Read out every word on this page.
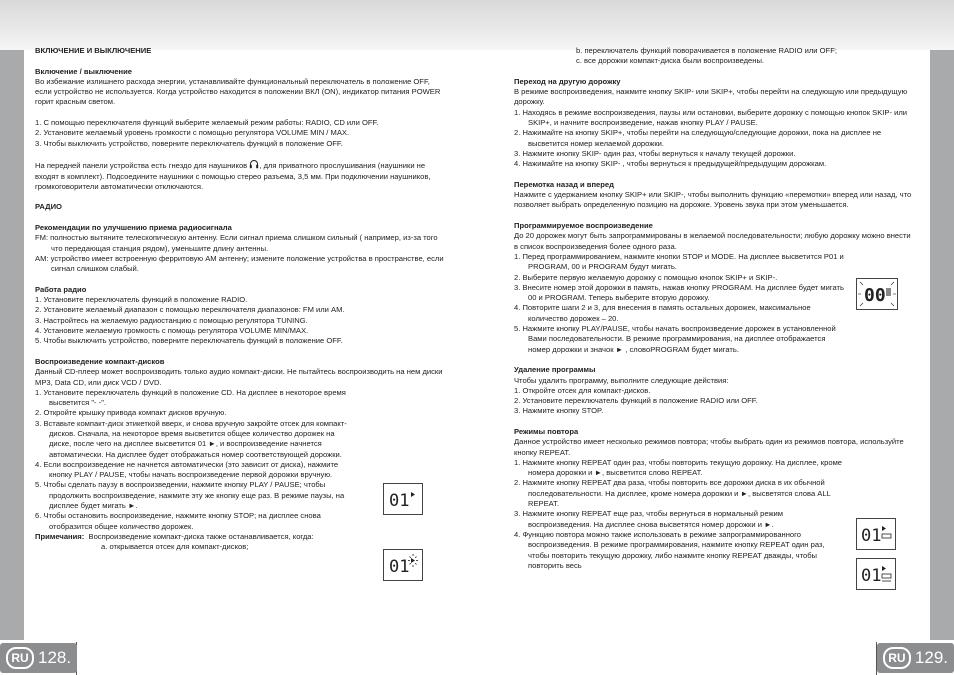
RU 128.	RU 129.

ВКЛЮЧЕНИЕ И ВЫКЛЮЧЕНИЕ

Включение / выключение

Во избежание излишнего расхода энергии, устанавливайте функциональный переключатель в положение OFF, если устройство не используется. Когда устройство находится в положении ВКЛ (ON), индикатор питания POWER горит красным светом.

1. С помощью переключателя функций выберите желаемый режим работы: RADIO, CD или OFF.

2. Установите желаемый уровень громкости с помощью регулятора VOLUME MIN / MAX.

3. Чтобы выключить устройство, поверните переключатель функций в положение OFF.

На передней панели устройства есть гнездо для наушников , для приватного прослушивания (наушники не входят в комплект). Подсоедините наушники с помощью стерео разъема, 3,5 мм. При подключении наушников, громкоговорители автоматически отключаются.

РАДИО

Рекомендации по улучшению приема радиосигнала

FM: полностью вытяните телескопическую антенну. Если сигнал приема слишком сильный ( например, из-за того что передающая станция рядом), уменьшите длину антенны.

AM: устройство имеет встроенную ферритовую AM антенну; измените положение устройства в пространстве, если сигнал слишком слабый.

Работа радио

1. Установите переключатель функций в положение RADIO.

2. Установите желаемый диапазон с помощью переключателя диапазонов: FM или AM.

3. Настройтесь на желаемую радиостанцию с помощью регулятора TUNING.

4. Установите желаемую громкость с помощь регулятора VOLUME MIN/MAX.

5. Чтобы выключить устройство, поверните переключатель функций в положение OFF.

Воспроизведение компакт-дисков

Данный CD-плеер может воспроизводить только аудио компакт-диски. Не пытайтесь воспроизводить на нем диски MP3, Data CD, или диск VCD / DVD.

1. Установите переключатель функций в положение CD. На дисплее в некоторое время высветится "- -".

2. Откройте крышку привода компакт дисков вручную.

3. Вставьте компакт-диск этикеткой вверх, и снова вручную закройте отсек для компакт-дисков. Сначала, на некоторое время высветится общее количество дорожек на диске, после чего на дисплее высветится 01 ►, и воспроизведение начнется автоматически. На дисплее будет отображаться номер соответствующей дорожки.

4. Если воспроизведение не начнется автоматически (это зависит от диска), нажмите кнопку PLAY / PAUSE, чтобы начать воспроизведение первой дорожки вручную.

5. Чтобы сделать паузу в воспроизведении, нажмите кнопку PLAY / PAUSE; чтобы продолжить воспроизведение, нажмите эту же кнопку еще раз. В режиме паузы, на дисплее будет мигать ►.

6. Чтобы остановить воспроизведение, нажмите кнопку STOP; на дисплее снова отобразится общее количество дорожек.

Примечания: Воспроизведение компакт-диска также останавливается, когда:

a. открывается отсек для компакт-дисков;

b. переключатель функций поворачивается в положение RADIO или OFF;

c. все дорожки компакт-диска были воспроизведены.

Переход на другую дорожку

В режиме воспроизведения, нажмите кнопку SKIP- или SKIP+, чтобы перейти на следующую или предыдущую дорожку.

1. Находясь в режиме воспроизведения, паузы или остановки, выберите дорожку с помощью кнопок SKIP- или SKIP+, и начните воспроизведение, нажав кнопку PLAY / PAUSE.

2. Нажимайте на кнопку SKIP+, чтобы перейти на следующую/следующие дорожки, пока на дисплее не высветится номер желаемой дорожки.

3. Нажмите кнопку SKIP- один раз, чтобы вернуться к началу текущей дорожки.

4. Нажимайте на кнопку SKIP- , чтобы вернуться к предыдущей/предыдущим дорожкам.

Перемотка назад и вперед

Нажмите с удержанием кнопку SKIP+ или SKIP-, чтобы выполнить функцию «перемотки» вперед или назад, что позволяет выбрать определенную позицию на дорожке. Уровень звука при этом уменьшается.

Программируемое воспроизведение

До 20 дорожек могут быть запрограммированы в желаемой последовательности; любую дорожку можно внести в список воспроизведения более одного раза.

1. Перед программированием, нажмите кнопки STOP и MODE. На дисплее высветится P01 и PROGRAM, 00 и PROGRAM будут мигать.

2. Выберите первую желаемую дорожку с помощью кнопок SKIP+ и SKIP-.

3. Внесите номер этой дорожки в память, нажав кнопку PROGRAM. На дисплее будет мигать 00 и PROGRAM. Теперь выберите вторую дорожку.

4. Повторите шаги 2 и 3, для внесения в память остальных дорожек, максимальное количество дорожек – 20.

5. Нажмите кнопку PLAY/PAUSE, чтобы начать воспроизведение дорожек в установленной Вами последовательности. В режиме программирования, на дисплее отображается номер дорожки и значок ► , словоPROGRAM будет мигать.

Удаление программы

Чтобы удалить программу, выполните следующие действия:

1. Откройте отсек для компакт-дисков.

2. Установите переключатель функций в положение RADIO или OFF.

3. Нажмите кнопку STOP.

Режимы повтора

Данное устройство имеет несколько режимов повтора; чтобы выбрать один из режимов повтора, используйте кнопку REPEAT.

1. Нажмите кнопку REPEAT один раз, чтобы повторить текущую дорожку. На дисплее, кроме номера дорожки и ►, высветится слово REPEAT.

2. Нажмите кнопку REPEAT два раза, чтобы повторить все дорожки диска в их обычной последовательности. На дисплее, кроме номера дорожки и ►, высветятся слова ALL REPEAT.

3. Нажмите кнопку REPEAT еще раз, чтобы вернуться в нормальный режим воспроизведения. На дисплее снова высветятся номер дорожки и ►.

4. Функцию повтора можно также использовать в режиме запрограммированного воспроизведения. В режиме программирования, нажмите кнопку REPEAT один раз, чтобы повторить текущую дорожку, либо нажмите кнопку REPEAT дважды, чтобы повторить весь

01
01
00
01
01
